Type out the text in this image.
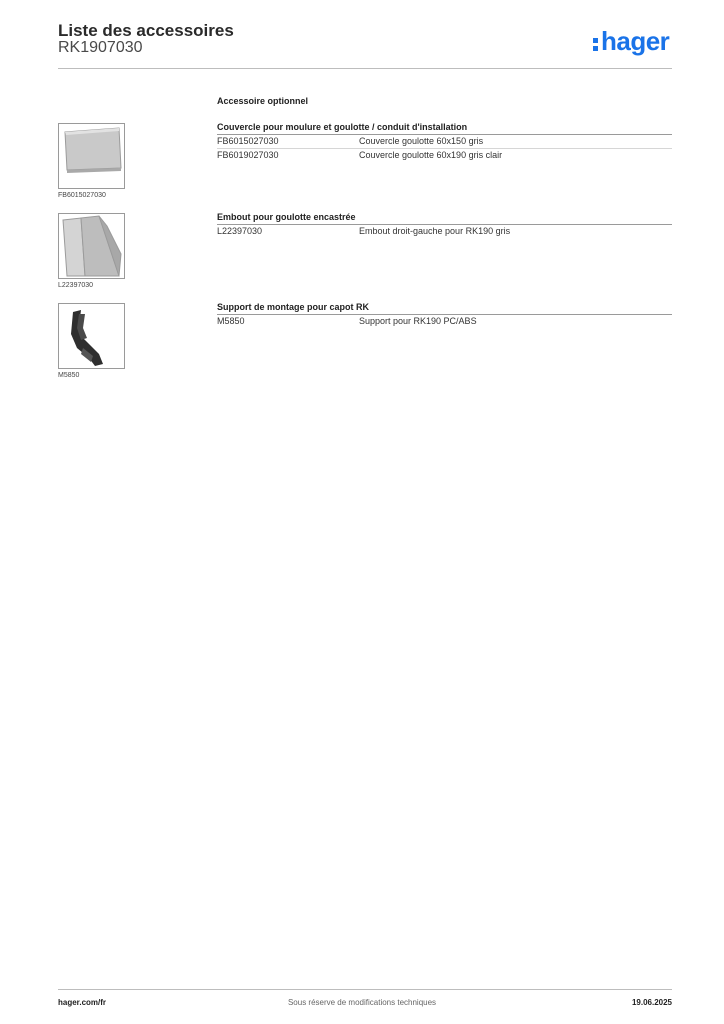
Liste des accessoires
RK1907030	hager
Accessoire optionnel
FB6015027030
Couvercle pour moulure et goulotte / conduit d'installation
FB6015027030	Couvercle goulotte 60x150 gris
FB6019027030	Couvercle goulotte 60x190 gris clair
L22397030
Embout pour goulotte encastrée
L22397030	Embout droit-gauche pour RK190 gris
M5850
Support de montage pour capot RK
M5850	Support pour RK190 PC/ABS
hager.com/fr	Sous réserve de modifications techniques	19.06.2025
